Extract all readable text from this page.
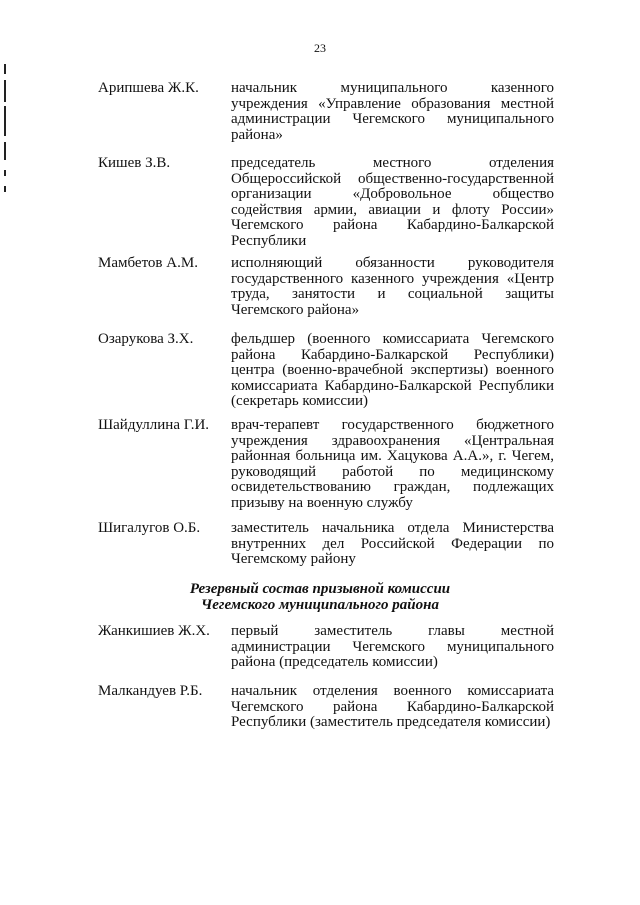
23
Арипшева Ж.К.	начальник муниципального казенного учреждения «Управление образования местной администрации Чегемского муниципального района»
Кишев З.В.	председатель местного отделения Общероссийской общественно-государственной организации «Добровольное общество содействия армии, авиации и флоту России» Чегемского района Кабардино-Балкарской Республики
Мамбетов А.М.	исполняющий обязанности руководителя государственного казенного учреждения «Центр труда, занятости и социальной защиты Чегемского района»
Озарукова З.Х.	фельдшер (военного комиссариата Чегемского района Кабардино-Балкарской Республики) центра (военно-врачебной экспертизы) военного комиссариата Кабардино-Балкарской Республики (секретарь комиссии)
Шайдуллина Г.И.	врач-терапевт государственного бюджетного учреждения здравоохранения «Центральная районная больница им. Хацукова А.А.», г. Чегем, руководящий работой по медицинскому освидетельствованию граждан, подлежащих призыву на военную службу
Шигалугов О.Б.	заместитель начальника отдела Министерства внутренних дел Российской Федерации по Чегемскому району
Резервный состав призывной комиссии
Чегемского муниципального района
Жанкишиев Ж.Х.	первый заместитель главы местной администрации Чегемского муниципального района (председатель комиссии)
Малкандуев Р.Б.	начальник отделения военного комиссариата Чегемского района Кабардино-Балкарской Республики (заместитель председателя комиссии)
